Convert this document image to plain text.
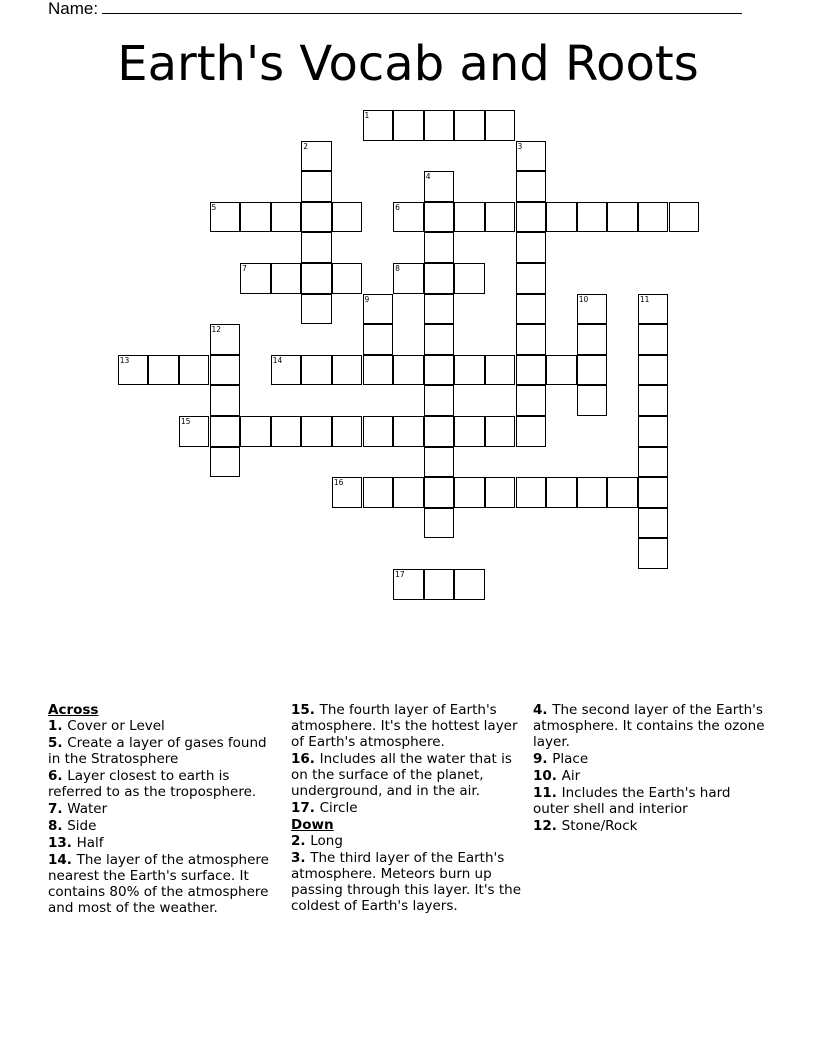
Name:
Earth's Vocab and Roots
1
2	3
4
5	6
7	8
9	10	11
12
13	14
15
16
17
Across
1. Cover or Level
5. Create a layer of gases found in the Stratosphere
6. Layer closest to earth is referred to as the troposphere.
7. Water
8. Side
13. Half
14. The layer of the atmosphere nearest the Earth's surface. It contains 80% of the atmosphere and most of the weather.
15. The fourth layer of Earth's atmosphere. It's the hottest layer of Earth's atmosphere.
16. Includes all the water that is on the surface of the planet, underground, and in the air.
17. Circle
Down
2. Long
3. The third layer of the Earth's atmosphere. Meteors burn up passing through this layer. It's the coldest of Earth's layers.
4. The second layer of the Earth's atmosphere. It contains the ozone layer.
9. Place
10. Air
11. Includes the Earth's hard outer shell and interior
12. Stone/Rock
